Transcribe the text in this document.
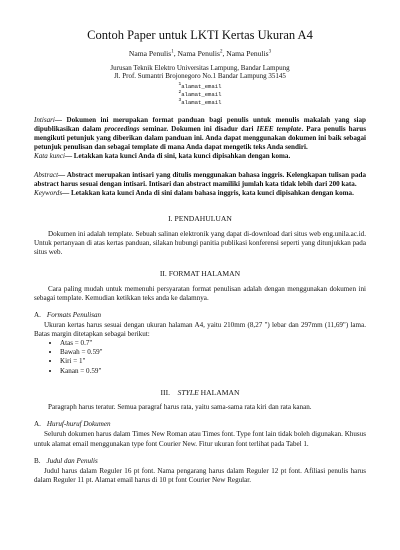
Contoh Paper untuk LKTI Kertas Ukuran A4
Nama Penulis$^1$, Nama Penulis$^2$, Nama Penulis$^3$
Jurusan Teknik Elektro Universitas Lampung, Bandar Lampung
Jl. Prof. Sumantri Brojonegoro No.1 Bandar Lampung 35145
$^1$alamat_email
$^2$alamat_email
$^3$alamat_email
Intisari— Dokumen ini merupakan format panduan bagi penulis untuk menulis makalah yang siap dipublikasikan dalam proceedings seminar. Dokumen ini disadur dari IEEE template. Para penulis harus mengikuti petunjuk yang diberikan dalam panduan ini. Anda dapat menggunakan dokumen ini baik sebagai petunjuk penulisan dan sebagai template di mana Anda dapat mengetik teks Anda sendiri.
Kata kunci— Letakkan kata kunci Anda di sini, kata kunci dipisahkan dengan koma.
Abstract— Abstract merupakan intisari yang ditulis menggunakan bahasa inggris. Kelengkapan tulisan pada abstract harus sesuai dengan intisari. Intisari dan abstract mamiliki jumlah kata tidak lebih dari 200 kata.
Keywords— Letakkan kata kunci Anda di sini dalam bahasa inggris, kata kunci dipisahkan dengan koma.
I. PENDAHULUAN

Dokumen ini adalah template. Sebuah salinan elektronik yang dapat di-download dari situs web eng.unila.ac.id. Untuk pertanyaan di atas kertas panduan, silakan hubungi panitia publikasi konferensi seperti yang ditunjukkan pada situs web.

II. FORMAT HALAMAN

Cara paling mudah untuk memenuhi persyaratan format penulisan adalah dengan menggunakan dokumen ini sebagai template. Kemudian ketikkan teks anda ke dalamnya.

A. Formats Penulisan

Ukuran kertas harus sesuai dengan ukuran halaman A4, yaitu 210mm (8,27 ") lebar dan 297mm (11,69") lama. Batas margin ditetapkan sebagai berikut:

• Atas = 0.7"
• Bawah = 0.59"
• Kiri = 1"
• Kanan = 0.59"
III. STYLE HALAMAN

Paragraph harus teratur. Semua paragraf harus rata, yaitu sama-sama rata kiri dan rata kanan.

A. Huruf-huruf Dokumen

Seluruh dokumen harus dalam Times New Roman atau Times font. Type font lain tidak boleh digunakan. Khusus untuk alamat email menggunakan type font Courier New. Fitur ukuran font terlihat pada Tabel 1.

B. Judul dan Penulis

Judul harus dalam Reguler 16 pt font. Nama pengarang harus dalam Reguler 12 pt font. Afiliasi penulis harus dalam Reguler 11 pt. Alamat email harus di 10 pt font Courier New Regular.
